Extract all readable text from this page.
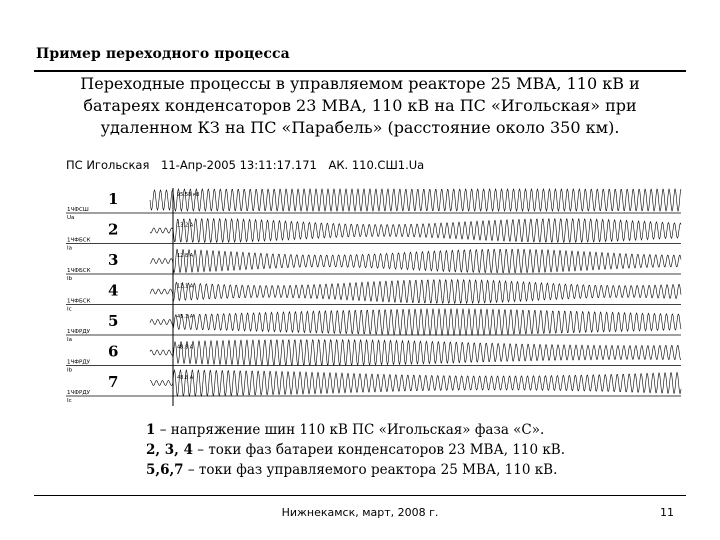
Пример переходного процесса
Переходные процессы в управляемом реакторе 25 МВА, 110 кВ и
батареях конденсаторов 23 МВА, 110 кВ на ПС «Игольская» при
удаленном КЗ на ПС «Парабель» (расстояние около 350 км).
ПС Игольская 11-Апр-2005 13:11:17.171 АК. 110.СШ1.Ua
1
1ЧФСШ
Ua
95.58 кВ
2
1ЧФБСК
Ia
13.2 А
3
1ЧФБСК
Ib
12.8 А
4
1ЧФБСК
Ic
12.1 А
5
1ЧФРДУ
Ia
45.1 А
6
1ЧФРДУ
Ib
48.8 А
7
1ЧФРДУ
Ic
48.8 А
1 – напряжение шин 110 кВ ПС «Игольская» фаза «С».
2, 3, 4 – токи фаз батареи конденсаторов 23 МВА, 110 кВ.
5,6,7 – токи фаз управляемого реактора 25 МВА, 110 кВ.
Нижнекамск, март, 2008 г.	11
